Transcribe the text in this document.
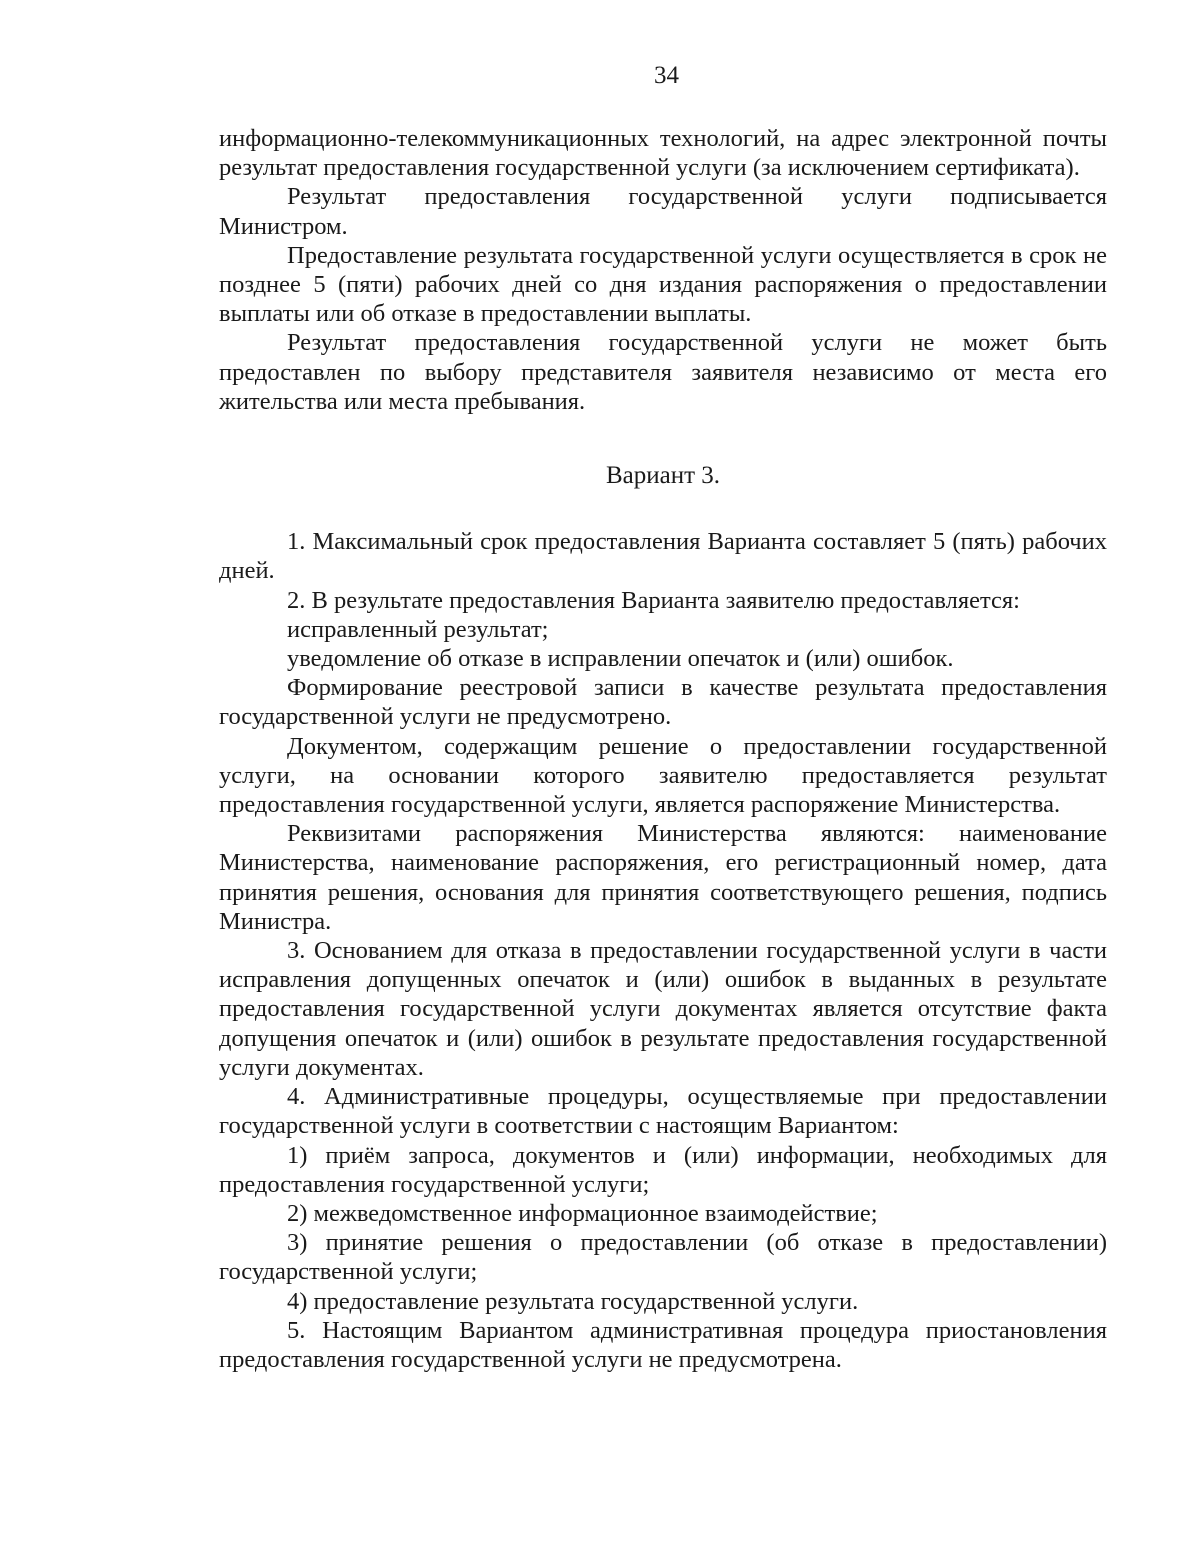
34

информационно-телекоммуникационных технологий, на адрес электронной почты результат предоставления государственной услуги (за исключением сертификата).

Результат предоставления государственной услуги подписывается Министром.

Предоставление результата государственной услуги осуществляется в срок не позднее 5 (пяти) рабочих дней со дня издания распоряжения о предоставлении выплаты или об отказе в предоставлении выплаты.

Результат предоставления государственной услуги не может быть предоставлен по выбору представителя заявителя независимо от места его жительства или места пребывания.

Вариант 3.

1. Максимальный срок предоставления Варианта составляет 5 (пять) рабочих дней.

2. В результате предоставления Варианта заявителю предоставляется:

исправленный результат;

уведомление об отказе в исправлении опечаток и (или) ошибок.

Формирование реестровой записи в качестве результата предоставления государственной услуги не предусмотрено.

Документом, содержащим решение о предоставлении государственной услуги, на основании которого заявителю предоставляется результат предоставления государственной услуги, является распоряжение Министерства.

Реквизитами распоряжения Министерства являются: наименование Министерства, наименование распоряжения, его регистрационный номер, дата принятия решения, основания для принятия соответствующего решения, подпись Министра.

3. Основанием для отказа в предоставлении государственной услуги в части исправления допущенных опечаток и (или) ошибок в выданных в результате предоставления государственной услуги документах является отсутствие факта допущения опечаток и (или) ошибок в результате предоставления государственной услуги документах.

4. Административные процедуры, осуществляемые при предоставлении государственной услуги в соответствии с настоящим Вариантом:

1) приём запроса, документов и (или) информации, необходимых для предоставления государственной услуги;

2) межведомственное информационное взаимодействие;

3) принятие решения о предоставлении (об отказе в предоставлении) государственной услуги;

4) предоставление результата государственной услуги.

5. Настоящим Вариантом административная процедура приостановления предоставления государственной услуги не предусмотрена.
